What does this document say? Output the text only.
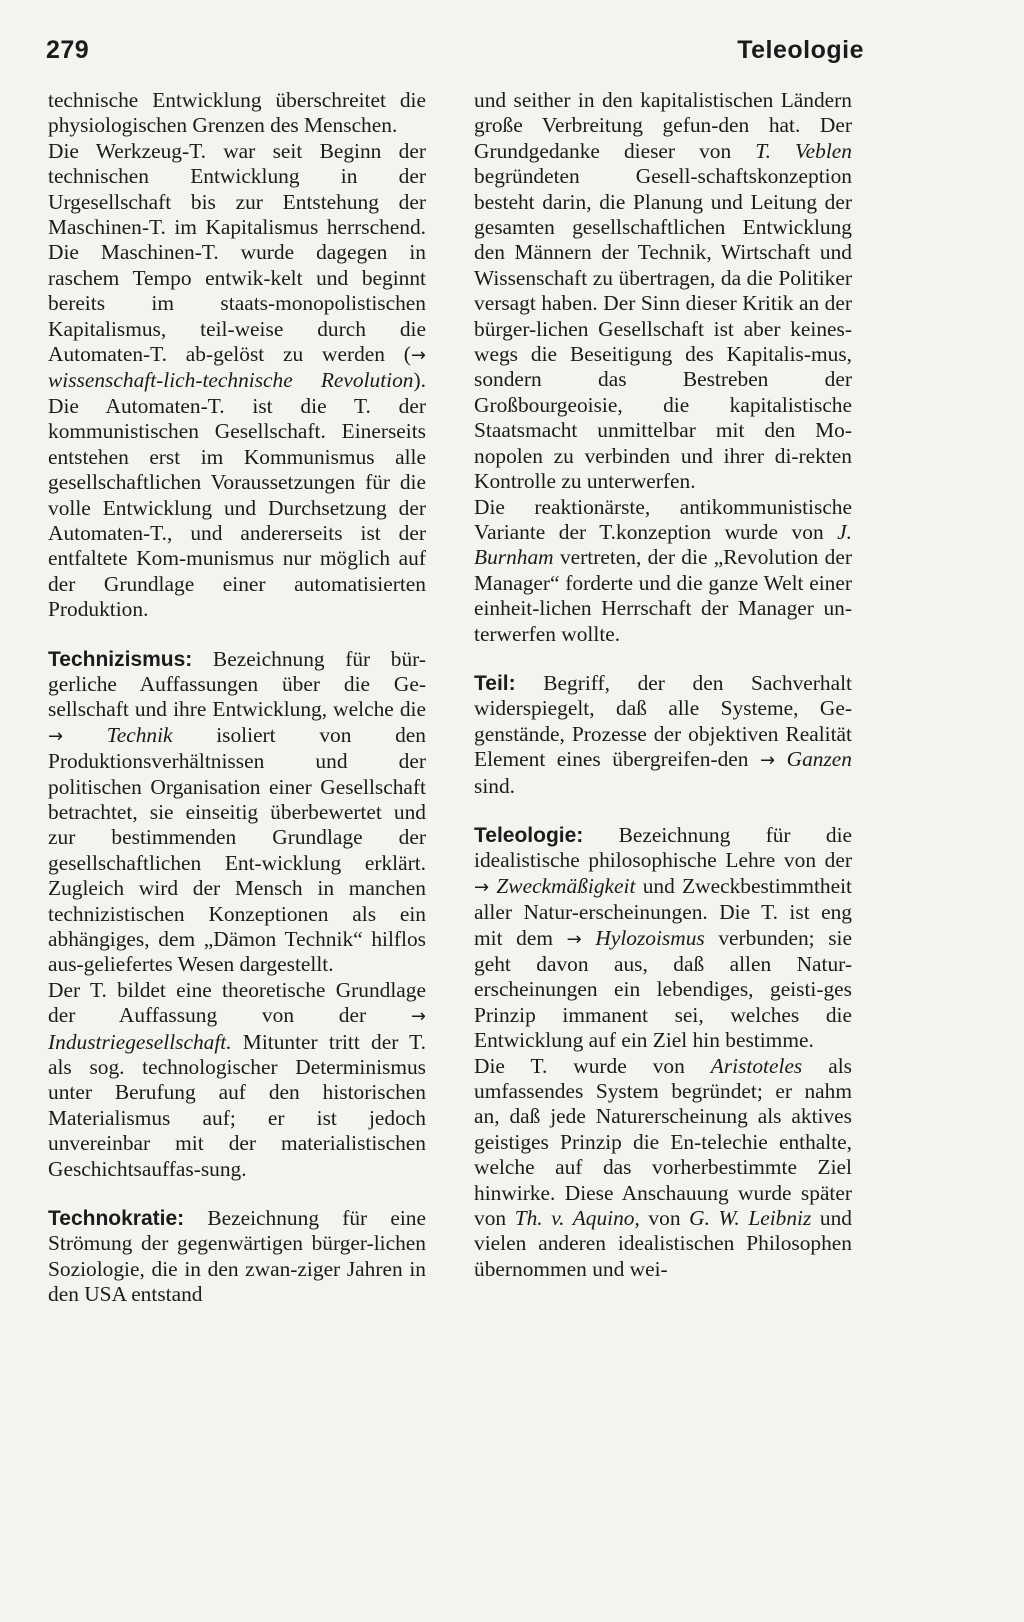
279	Teleologie

technische Entwicklung überschreitet die physiologischen Grenzen des Menschen.

Die Werkzeug-T. war seit Beginn der technischen Entwicklung in der Urgesellschaft bis zur Entstehung der Maschinen-T. im Kapitalismus herrschend. Die Maschinen-T. wurde dagegen in raschem Tempo entwik-kelt und beginnt bereits im staats-monopolistischen Kapitalismus, teil-weise durch die Automaten-T. ab-gelöst zu werden (→ wissenschaft-lich-technische Revolution). Die Automaten-T. ist die T. der kommunistischen Gesellschaft. Einerseits entstehen erst im Kommunismus alle gesellschaftlichen Voraussetzungen für die volle Entwicklung und Durchsetzung der Automaten-T., und andererseits ist der entfaltete Kom-munismus nur möglich auf der Grundlage einer automatisierten Produktion.

Technizismus: Bezeichnung für bür-gerliche Auffassungen über die Ge-sellschaft und ihre Entwicklung, welche die → Technik isoliert von den Produktionsverhältnissen und der politischen Organisation einer Gesellschaft betrachtet, sie einseitig überbewertet und zur bestimmenden Grundlage der gesellschaftlichen Ent-wicklung erklärt. Zugleich wird der Mensch in manchen technizistischen Konzeptionen als ein abhängiges, dem „Dämon Technik“ hilflos aus-geliefertes Wesen dargestellt.

Der T. bildet eine theoretische Grundlage der Auffassung von der → Industriegesellschaft. Mitunter tritt der T. als sog. technologischer Determinismus unter Berufung auf den historischen Materialismus auf; er ist jedoch unvereinbar mit der materialistischen Geschichtsauffas-sung.

Technokratie: Bezeichnung für eine Strömung der gegenwärtigen bürger-lichen Soziologie, die in den zwan-ziger Jahren in den USA entstand

und seither in den kapitalistischen Ländern große Verbreitung gefun-den hat. Der Grundgedanke dieser von T. Veblen begründeten Gesell-schaftskonzeption besteht darin, die Planung und Leitung der gesamten gesellschaftlichen Entwicklung den Männern der Technik, Wirtschaft und Wissenschaft zu übertragen, da die Politiker versagt haben. Der Sinn dieser Kritik an der bürger-lichen Gesellschaft ist aber keines-wegs die Beseitigung des Kapitalis-mus, sondern das Bestreben der Großbourgeoisie, die kapitalistische Staatsmacht unmittelbar mit den Mo-nopolen zu verbinden und ihrer di-rekten Kontrolle zu unterwerfen.

Die reaktionärste, antikommunistische Variante der T.konzeption wurde von J. Burnham vertreten, der die „Revolution der Manager“ forderte und die ganze Welt einer einheit-lichen Herrschaft der Manager un-terwerfen wollte.

Teil: Begriff, der den Sachverhalt widerspiegelt, daß alle Systeme, Ge-genstände, Prozesse der objektiven Realität Element eines übergreifen-den → Ganzen sind.

Teleologie: Bezeichnung für die idealistische philosophische Lehre von der → Zweckmäßigkeit und Zweckbestimmtheit aller Natur-erscheinungen. Die T. ist eng mit dem → Hylozoismus verbunden; sie geht davon aus, daß allen Natur-erscheinungen ein lebendiges, geisti-ges Prinzip immanent sei, welches die Entwicklung auf ein Ziel hin bestimme.

Die T. wurde von Aristoteles als umfassendes System begründet; er nahm an, daß jede Naturerscheinung als aktives geistiges Prinzip die En-telechie enthalte, welche auf das vorherbestimmte Ziel hinwirke. Diese Anschauung wurde später von Th. v. Aquino, von G. W. Leibniz und vielen anderen idealistischen Philosophen übernommen und wei-
